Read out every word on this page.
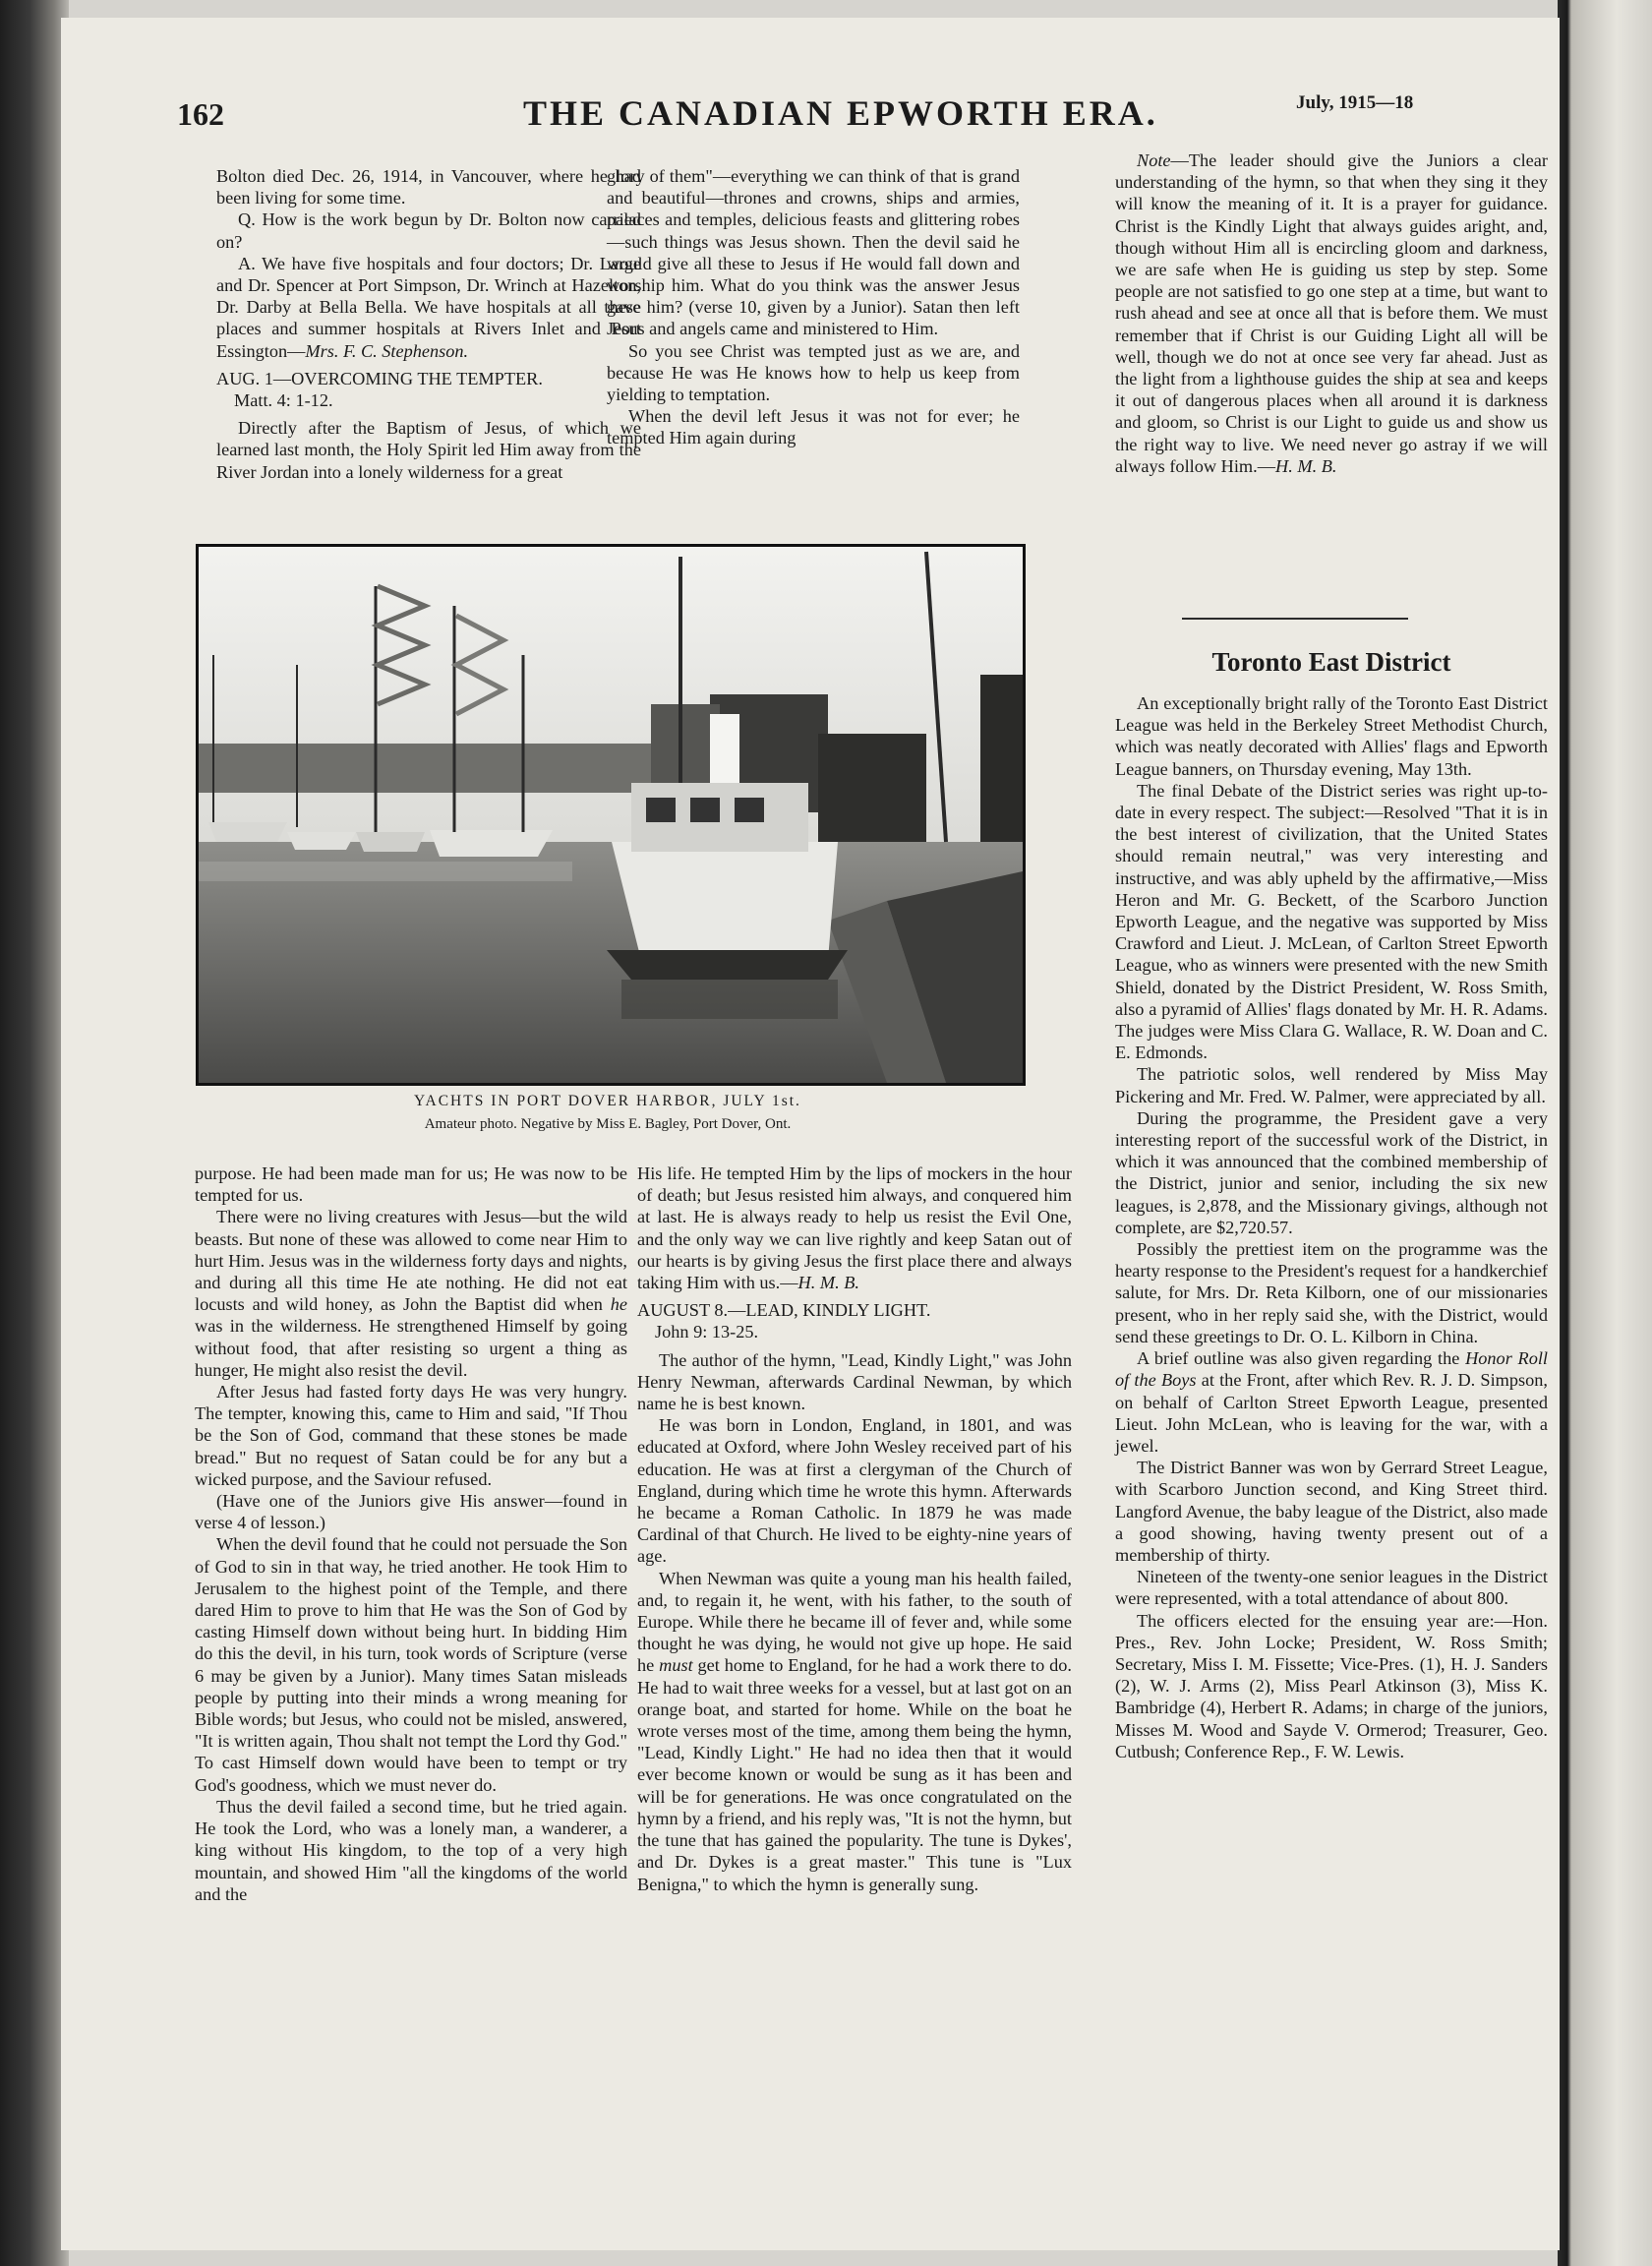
162	THE CANADIAN EPWORTH ERA.	July, 1915—18

Bolton died Dec. 26, 1914, in Vancouver, where he had been living for some time.

Q. How is the work begun by Dr. Bolton now carried on?

A. We have five hospitals and four doctors; Dr. Large and Dr. Spencer at Port Simpson, Dr. Wrinch at Hazelton, Dr. Darby at Bella Bella. We have hospitals at all these places and summer hospitals at Rivers Inlet and Port Essington—Mrs. F. C. Stephenson.

AUG. 1—OVERCOMING THE TEMPTER.
Matt. 4: 1-12.

Directly after the Baptism of Jesus, of which we learned last month, the Holy Spirit led Him away from the River Jordan into a lonely wilderness for a great

glory of them"—everything we can think of that is grand and beautiful—thrones and crowns, ships and armies, palaces and temples, delicious feasts and glittering robes—such things was Jesus shown. Then the devil said he would give all these to Jesus if He would fall down and worship him. What do you think was the answer Jesus gave him? (verse 10, given by a Junior). Satan then left Jesus and angels came and ministered to Him.

So you see Christ was tempted just as we are, and because He was He knows how to help us keep from yielding to temptation.

When the devil left Jesus it was not for ever; he tempted Him again during

Note—The leader should give the Juniors a clear understanding of the hymn, so that when they sing it they will know the meaning of it. It is a prayer for guidance. Christ is the Kindly Light that always guides aright, and, though without Him all is encircling gloom and darkness, we are safe when He is guiding us step by step. Some people are not satisfied to go one step at a time, but want to rush ahead and see at once all that is before them. We must remember that if Christ is our Guiding Light all will be well, though we do not at once see very far ahead. Just as the light from a lighthouse guides the ship at sea and keeps it out of dangerous places when all around it is darkness and gloom, so Christ is our Light to guide us and show us the right way to live. We need never go astray if we will always follow Him.—H. M. B.

Toronto East District

An exceptionally bright rally of the Toronto East District League was held in the Berkeley Street Methodist Church, which was neatly decorated with Allies' flags and Epworth League banners, on Thursday evening, May 13th.

The final Debate of the District series was right up-to-date in every respect. The subject:—Resolved "That it is in the best interest of civilization, that the United States should remain neutral," was very interesting and instructive, and was ably upheld by the affirmative,—Miss Heron and Mr. G. Beckett, of the Scarboro Junction Epworth League, and the negative was supported by Miss Crawford and Lieut. J. McLean, of Carlton Street Epworth League, who as winners were presented with the new Smith Shield, donated by the District President, W. Ross Smith, also a pyramid of Allies' flags donated by Mr. H. R. Adams. The judges were Miss Clara G. Wallace, R. W. Doan and C. E. Edmonds.

The patriotic solos, well rendered by Miss May Pickering and Mr. Fred. W. Palmer, were appreciated by all.

During the programme, the President gave a very interesting report of the successful work of the District, in which it was announced that the combined membership of the District, junior and senior, including the six new leagues, is 2,878, and the Missionary givings, although not complete, are $2,720.57.

Possibly the prettiest item on the programme was the hearty response to the President's request for a handkerchief salute, for Mrs. Dr. Reta Kilborn, one of our missionaries present, who in her reply said she, with the District, would send these greetings to Dr. O. L. Kilborn in China.

A brief outline was also given regarding the Honor Roll of the Boys at the Front, after which Rev. R. J. D. Simpson, on behalf of Carlton Street Epworth League, presented Lieut. John McLean, who is leaving for the war, with a jewel.

The District Banner was won by Gerrard Street League, with Scarboro Junction second, and King Street third. Langford Avenue, the baby league of the District, also made a good showing, having twenty present out of a membership of thirty.

Nineteen of the twenty-one senior leagues in the District were represented, with a total attendance of about 800.

The officers elected for the ensuing year are:—Hon. Pres., Rev. John Locke; President, W. Ross Smith; Secretary, Miss I. M. Fissette; Vice-Pres. (1), H. J. Sanders (2), W. J. Arms (2), Miss Pearl Atkinson (3), Miss K. Bambridge (4), Herbert R. Adams; in charge of the juniors, Misses M. Wood and Sayde V. Ormerod; Treasurer, Geo. Cutbush; Conference Rep., F. W. Lewis.

YACHTS IN PORT DOVER HARBOR, JULY 1st.
Amateur photo. Negative by Miss E. Bagley, Port Dover, Ont.

purpose. He had been made man for us; He was now to be tempted for us.

There were no living creatures with Jesus—but the wild beasts. But none of these was allowed to come near Him to hurt Him. Jesus was in the wilderness forty days and nights, and during all this time He ate nothing. He did not eat locusts and wild honey, as John the Baptist did when he was in the wilderness. He strengthened Himself by going without food, that after resisting so urgent a thing as hunger, He might also resist the devil.

After Jesus had fasted forty days He was very hungry. The tempter, knowing this, came to Him and said, "If Thou be the Son of God, command that these stones be made bread." But no request of Satan could be for any but a wicked purpose, and the Saviour refused.

(Have one of the Juniors give His answer—found in verse 4 of lesson.)

When the devil found that he could not persuade the Son of God to sin in that way, he tried another. He took Him to Jerusalem to the highest point of the Temple, and there dared Him to prove to him that He was the Son of God by casting Himself down without being hurt. In bidding Him do this the devil, in his turn, took words of Scripture (verse 6 may be given by a Junior). Many times Satan misleads people by putting into their minds a wrong meaning for Bible words; but Jesus, who could not be misled, answered, "It is written again, Thou shalt not tempt the Lord thy God." To cast Himself down would have been to tempt or try God's goodness, which we must never do.

Thus the devil failed a second time, but he tried again. He took the Lord, who was a lonely man, a wanderer, a king without His kingdom, to the top of a very high mountain, and showed Him "all the kingdoms of the world and the

His life. He tempted Him by the lips of mockers in the hour of death; but Jesus resisted him always, and conquered him at last. He is always ready to help us resist the Evil One, and the only way we can live rightly and keep Satan out of our hearts is by giving Jesus the first place there and always taking Him with us.—H. M. B.

AUGUST 8.—LEAD, KINDLY LIGHT.
John 9: 13-25.

The author of the hymn, "Lead, Kindly Light," was John Henry Newman, afterwards Cardinal Newman, by which name he is best known.

He was born in London, England, in 1801, and was educated at Oxford, where John Wesley received part of his education. He was at first a clergyman of the Church of England, during which time he wrote this hymn. Afterwards he became a Roman Catholic. In 1879 he was made Cardinal of that Church. He lived to be eighty-nine years of age.

When Newman was quite a young man his health failed, and, to regain it, he went, with his father, to the south of Europe. While there he became ill of fever and, while some thought he was dying, he would not give up hope. He said he must get home to England, for he had a work there to do. He had to wait three weeks for a vessel, but at last got on an orange boat, and started for home. While on the boat he wrote verses most of the time, among them being the hymn, "Lead, Kindly Light." He had no idea then that it would ever become known or would be sung as it has been and will be for generations. He was once congratulated on the hymn by a friend, and his reply was, "It is not the hymn, but the tune that has gained the popularity. The tune is Dykes', and Dr. Dykes is a great master." This tune is "Lux Benigna," to which the hymn is generally sung.
